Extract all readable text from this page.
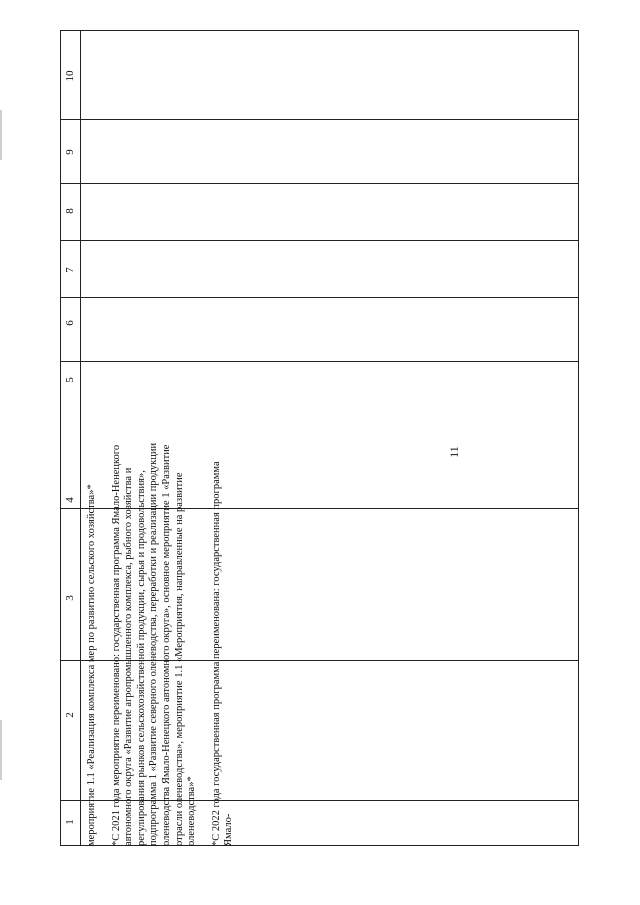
11
1
2
3
4
5
6
7
8
9
10

мероприятие 1.1 «Реализация комплекса мер по развитию сельского хозяйства»* *С 2021 года мероприятие переименовано: государственная программа Ямало-Ненецкого автономного округа «Развитие агропромышленного комплекса, рыбного хозяйства и регулирования рынков сельскохозяйственной продукции, сырья и продовольствия», подпрограмма 1 «Развитие северного оленеводства, переработки и реализации продукции оленеводства Ямало-Ненецкого автономного округа», основное мероприятие 1 «Развитие отрасли оленеводства», мероприятие 1.1 «Мероприятия, направленные на развитие оленеводства»* *С 2022 года государственная программа переименована: государственная программа Ямало-
